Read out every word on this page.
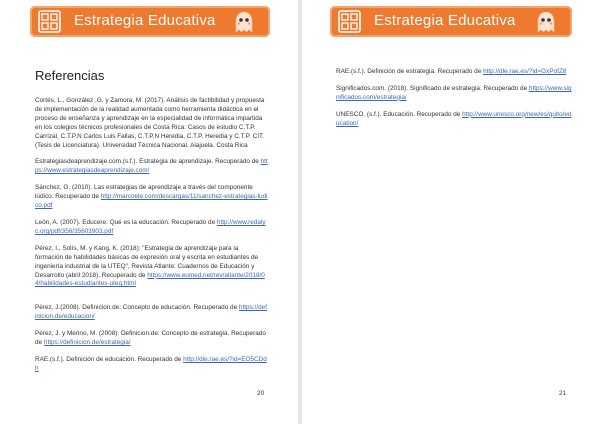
Estrategia Educativa
Referencias
Cortés, L., González ,G. y Zamora, M. (2017). Análisis de factibilidad y propuesta de implementación de la realidad aumentada como herramienta didáctica en el proceso de enseñanza y aprendizaje en la especialidad de informática impartida en los colegios técnicos profesionales de Costa Rica: Casos de estudio C.T.P. Carrizal, C.T.P.N Carlos Luis Fallas, C.T.P.N Heredia, C.T.P. Heredia y C.T.P. CIT. (Tesis de Licenciatura). Universidad Técnica Nacional. Alajuela. Costa Rica
Estrategiasdeaprendizaje.com.(s.f.). Estrategia de aprendizaje. Recuperado de https://www.estrategiasdeaprendizaje.com/
Sánchez, G. (2010). Las estrategias de aprendizaje a través del componente lúdico. Recuperado de http://marcoele.com/descargas/11/sanchez-estrategias-ludico.pdf
León, A. (2007). Educere: Qué es la educación. Recuperado de http://www.redalyc.org/pdf/356/35603903.pdf
Pérez, I., Solís, M. y Kang, K. (2018): "Estrategia de aprendizaje para la formación de habilidades básicas de expresión oral y escrita en estudiantes de ingeniería industrial de la UTEQ", Revista Atlante: Cuadernos de Educación y Desarrollo (abril 2018). Recuperado de https://www.eumed.net/rev/atlante/2018/04/habilidades-estudiantes-uteq.html
Pérez, J.(2008). Definicion.de: Concepto de educación. Recuperado de https://definicion.de/educacion/
Pérez, J. y Merino, M. (2008). Definicion.de: Concepto de estrategia. Recuperado de https://definicion.de/estrategia/
RAE.(s.f.). Definición de educación. Recuperado de http://dle.rae.es/?id=EO5CDdh
20
Estrategia Educativa
RAE.(s.f.). Definición de estrategia. Recuperado de http://dle.rae.es/?id=GxPofZ8
Significados.com. (2018). Significado de estrategia. Recuperado de https://www.significados.com/estrategia/
UNESCO. (s.f.). Educación. Recuperado de http://www.unesco.org/new/es/quito/education/
21
